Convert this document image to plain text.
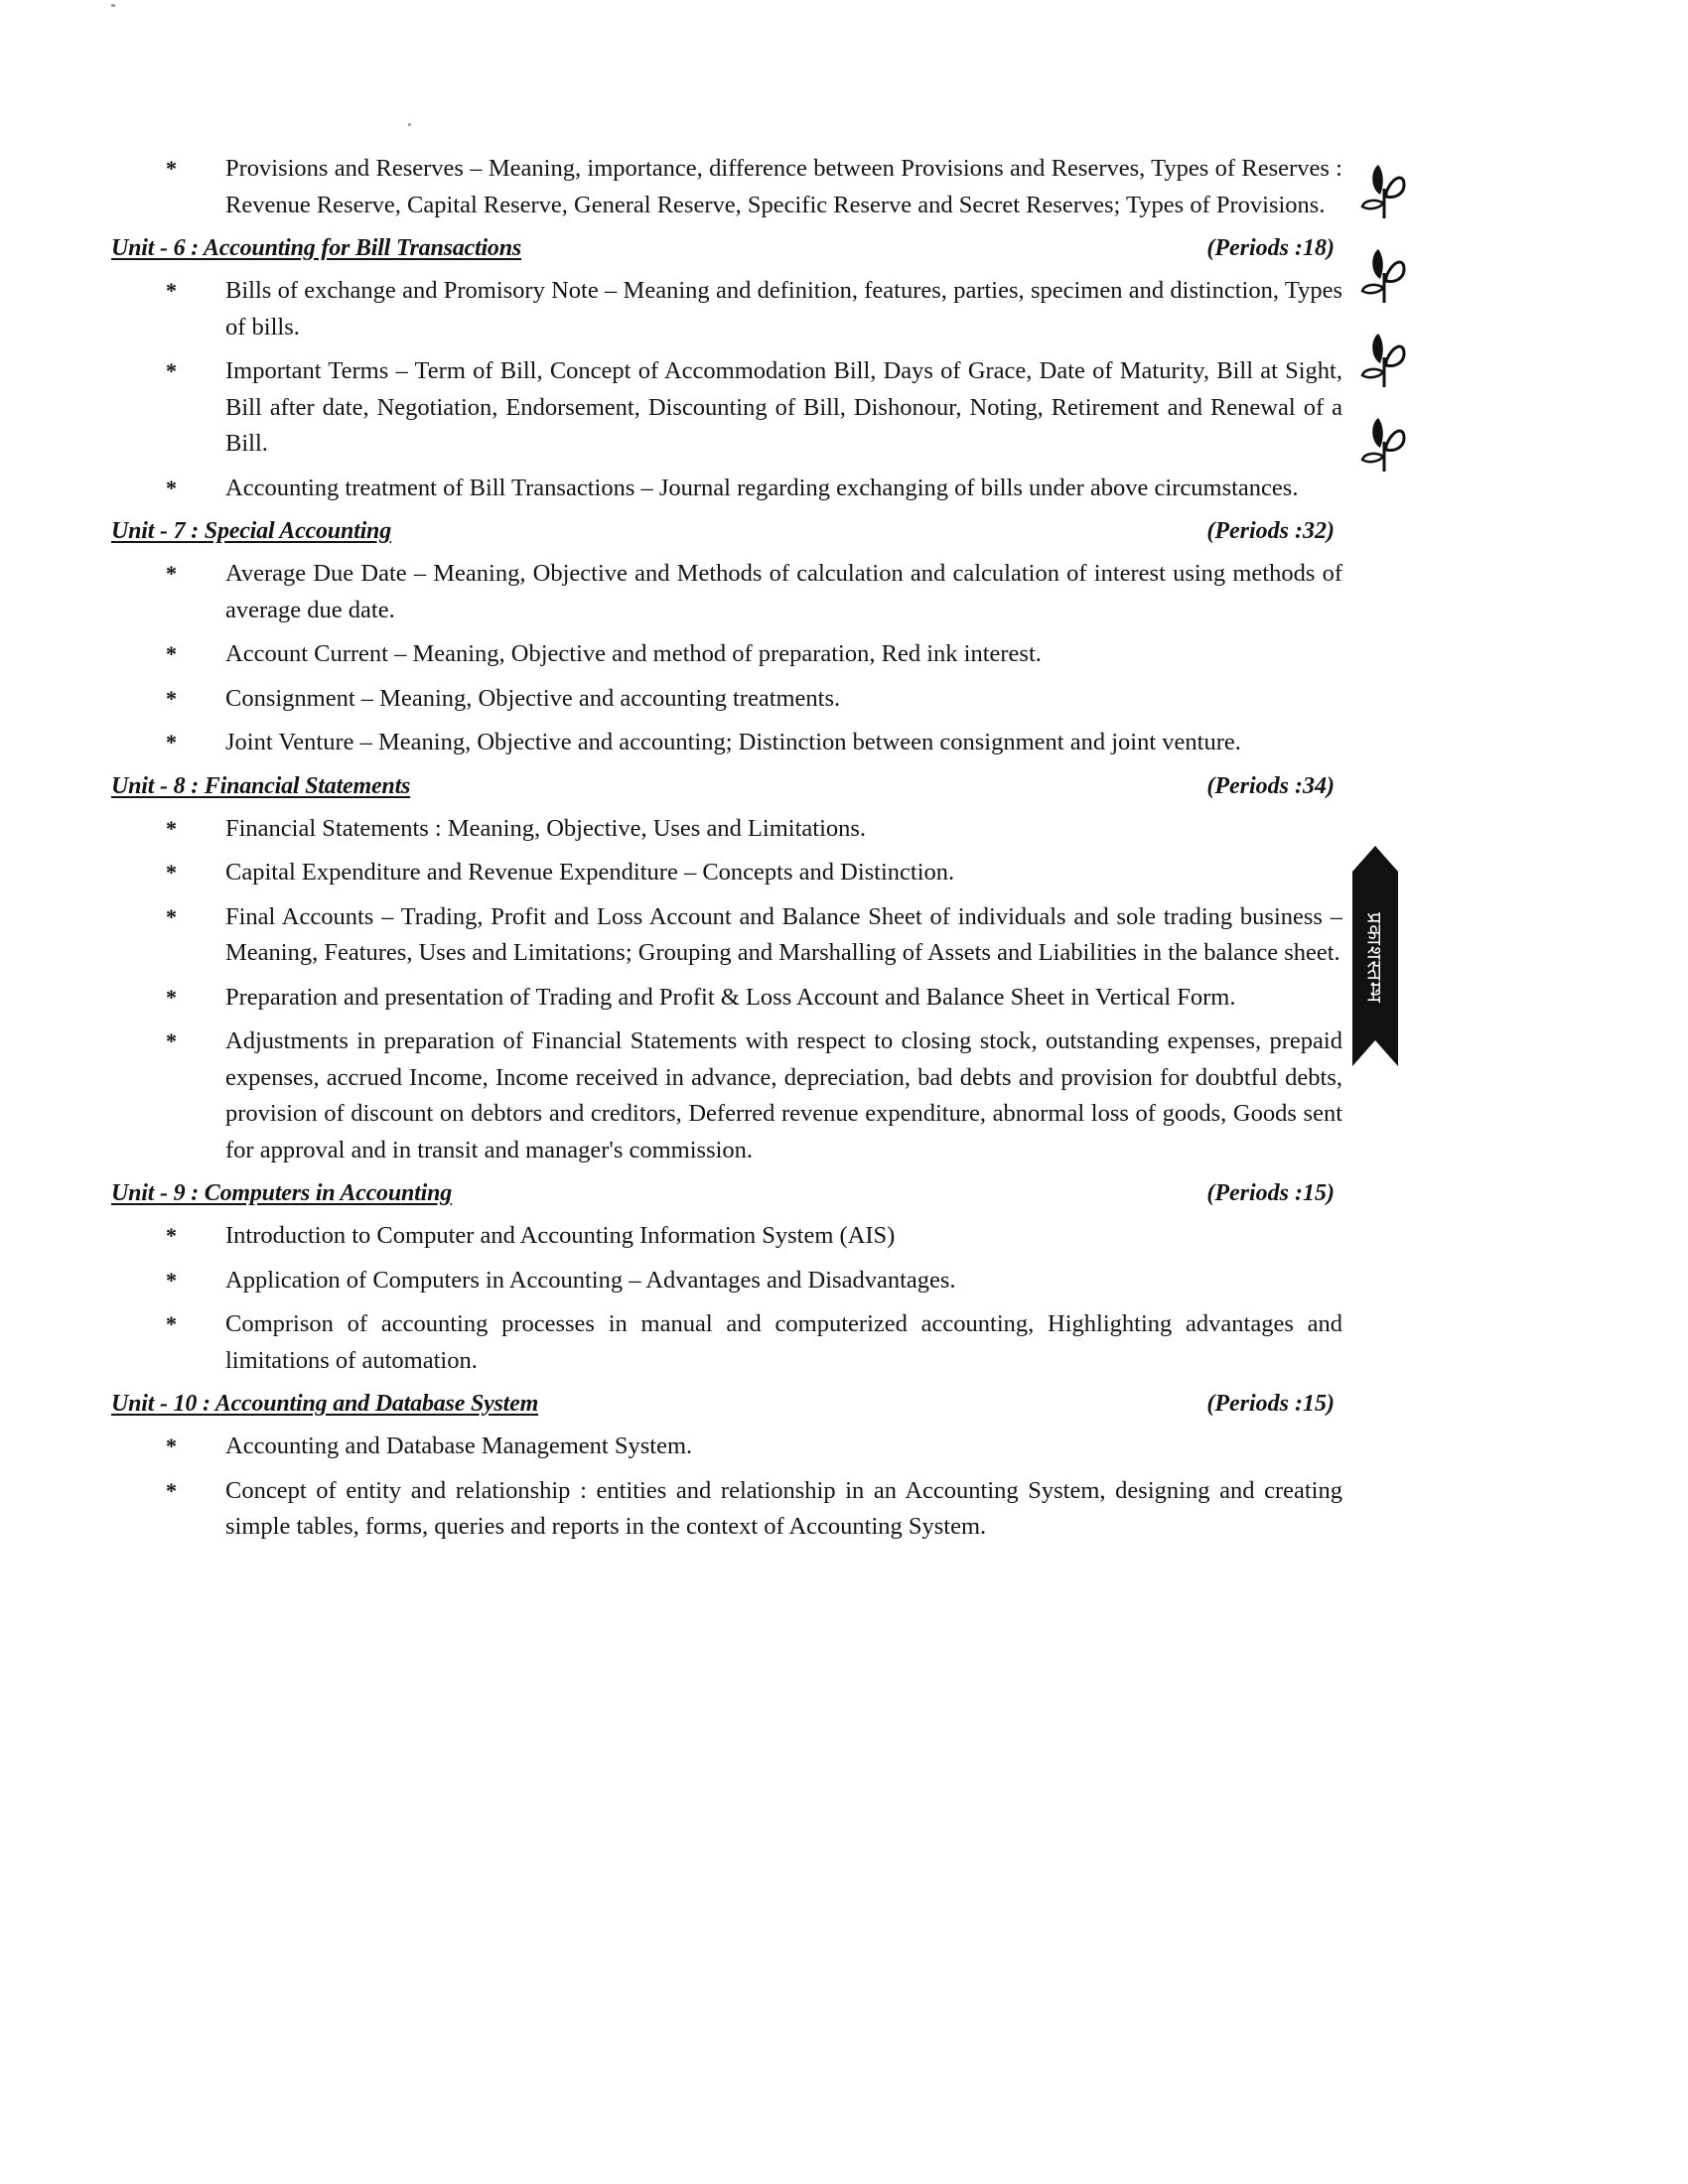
* Provisions and Reserves – Meaning, importance, difference between Provisions and Reserves, Types of Reserves : Revenue Reserve, Capital Reserve, General Reserve, Specific Reserve and Secret Reserves; Types of Provisions.
Unit - 6 : Accounting for Bill Transactions	(Periods :18)
* Bills of exchange and Promisory Note – Meaning and definition, features, parties, specimen and distinction, Types of bills.
* Important Terms – Term of Bill, Concept of Accommodation Bill, Days of Grace, Date of Maturity, Bill at Sight, Bill after date, Negotiation, Endorsement, Discounting of Bill, Dishonour, Noting, Retirement and Renewal of a Bill.
* Accounting treatment of Bill Transactions – Journal regarding exchanging of bills under above circumstances.
Unit - 7 : Special Accounting	(Periods :32)
* Average Due Date – Meaning, Objective and Methods of calculation and calculation of interest using methods of average due date.
* Account Current – Meaning, Objective and method of preparation, Red ink interest.
* Consignment – Meaning, Objective and accounting treatments.
* Joint Venture – Meaning, Objective and accounting; Distinction between consignment and joint venture.
Unit - 8 : Financial Statements	(Periods :34)
* Financial Statements : Meaning, Objective, Uses and Limitations.
* Capital Expenditure and Revenue Expenditure – Concepts and Distinction.
* Final Accounts – Trading, Profit and Loss Account and Balance Sheet of individuals and sole trading business – Meaning, Features, Uses and Limitations; Grouping and Marshalling of Assets and Liabilities in the balance sheet.
* Preparation and presentation of Trading and Profit & Loss Account and Balance Sheet in Vertical Form.
* Adjustments in preparation of Financial Statements with respect to closing stock, outstanding expenses, prepaid expenses, accrued Income, Income received in advance, depreciation, bad debts and provision for doubtful debts, provision of discount on debtors and creditors, Deferred revenue expenditure, abnormal loss of goods, Goods sent for approval and in transit and manager's commission.
Unit - 9 : Computers in Accounting	(Periods :15)
* Introduction to Computer and Accounting Information System (AIS)
* Application of Computers in Accounting – Advantages and Disadvantages.
* Comprison of accounting processes in manual and computerized accounting, Highlighting advantages and limitations of automation.
Unit - 10 : Accounting and Database System	(Periods :15)
* Accounting and Database Management System.
* Concept of entity and relationship : entities and relationship in an Accounting System, designing and creating simple tables, forms, queries and reports in the context of Accounting System.
प्रकाशस्तम्भ
